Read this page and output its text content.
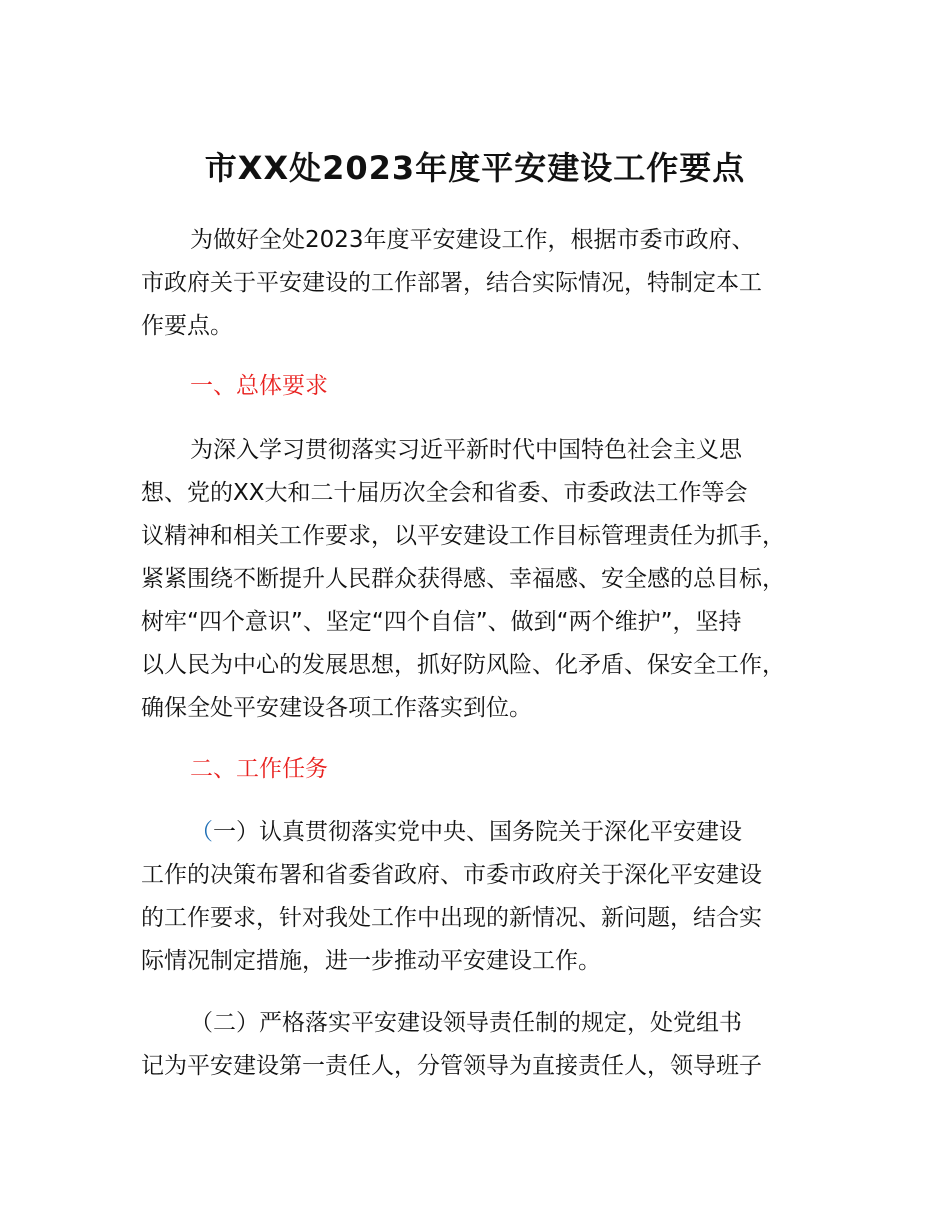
市XX处2023年度平安建设工作要点
为做好全处2023年度平安建设工作，根据市委市政府、
市政府关于平安建设的工作部署，结合实际情况，特制定本工
作要点。
一、总体要求
为深入学习贯彻落实习近平新时代中国特色社会主义思
想、党的XX大和二十届历次全会和省委、市委政法工作等会
议精神和相关工作要求，以平安建设工作目标管理责任为抓手，
紧紧围绕不断提升人民群众获得感、幸福感、安全感的总目标，
树牢“四个意识”、坚定“四个自信”、做到“两个维护”，坚持
以人民为中心的发展思想，抓好防风险、化矛盾、保安全工作，
确保全处平安建设各项工作落实到位。
二、工作任务
（一）认真贯彻落实党中央、国务院关于深化平安建设
工作的决策布署和省委省政府、市委市政府关于深化平安建设
的工作要求，针对我处工作中出现的新情况、新问题，结合实
际情况制定措施，进一步推动平安建设工作。
（二）严格落实平安建设领导责任制的规定，处党组书
记为平安建设第一责任人，分管领导为直接责任人，领导班子
